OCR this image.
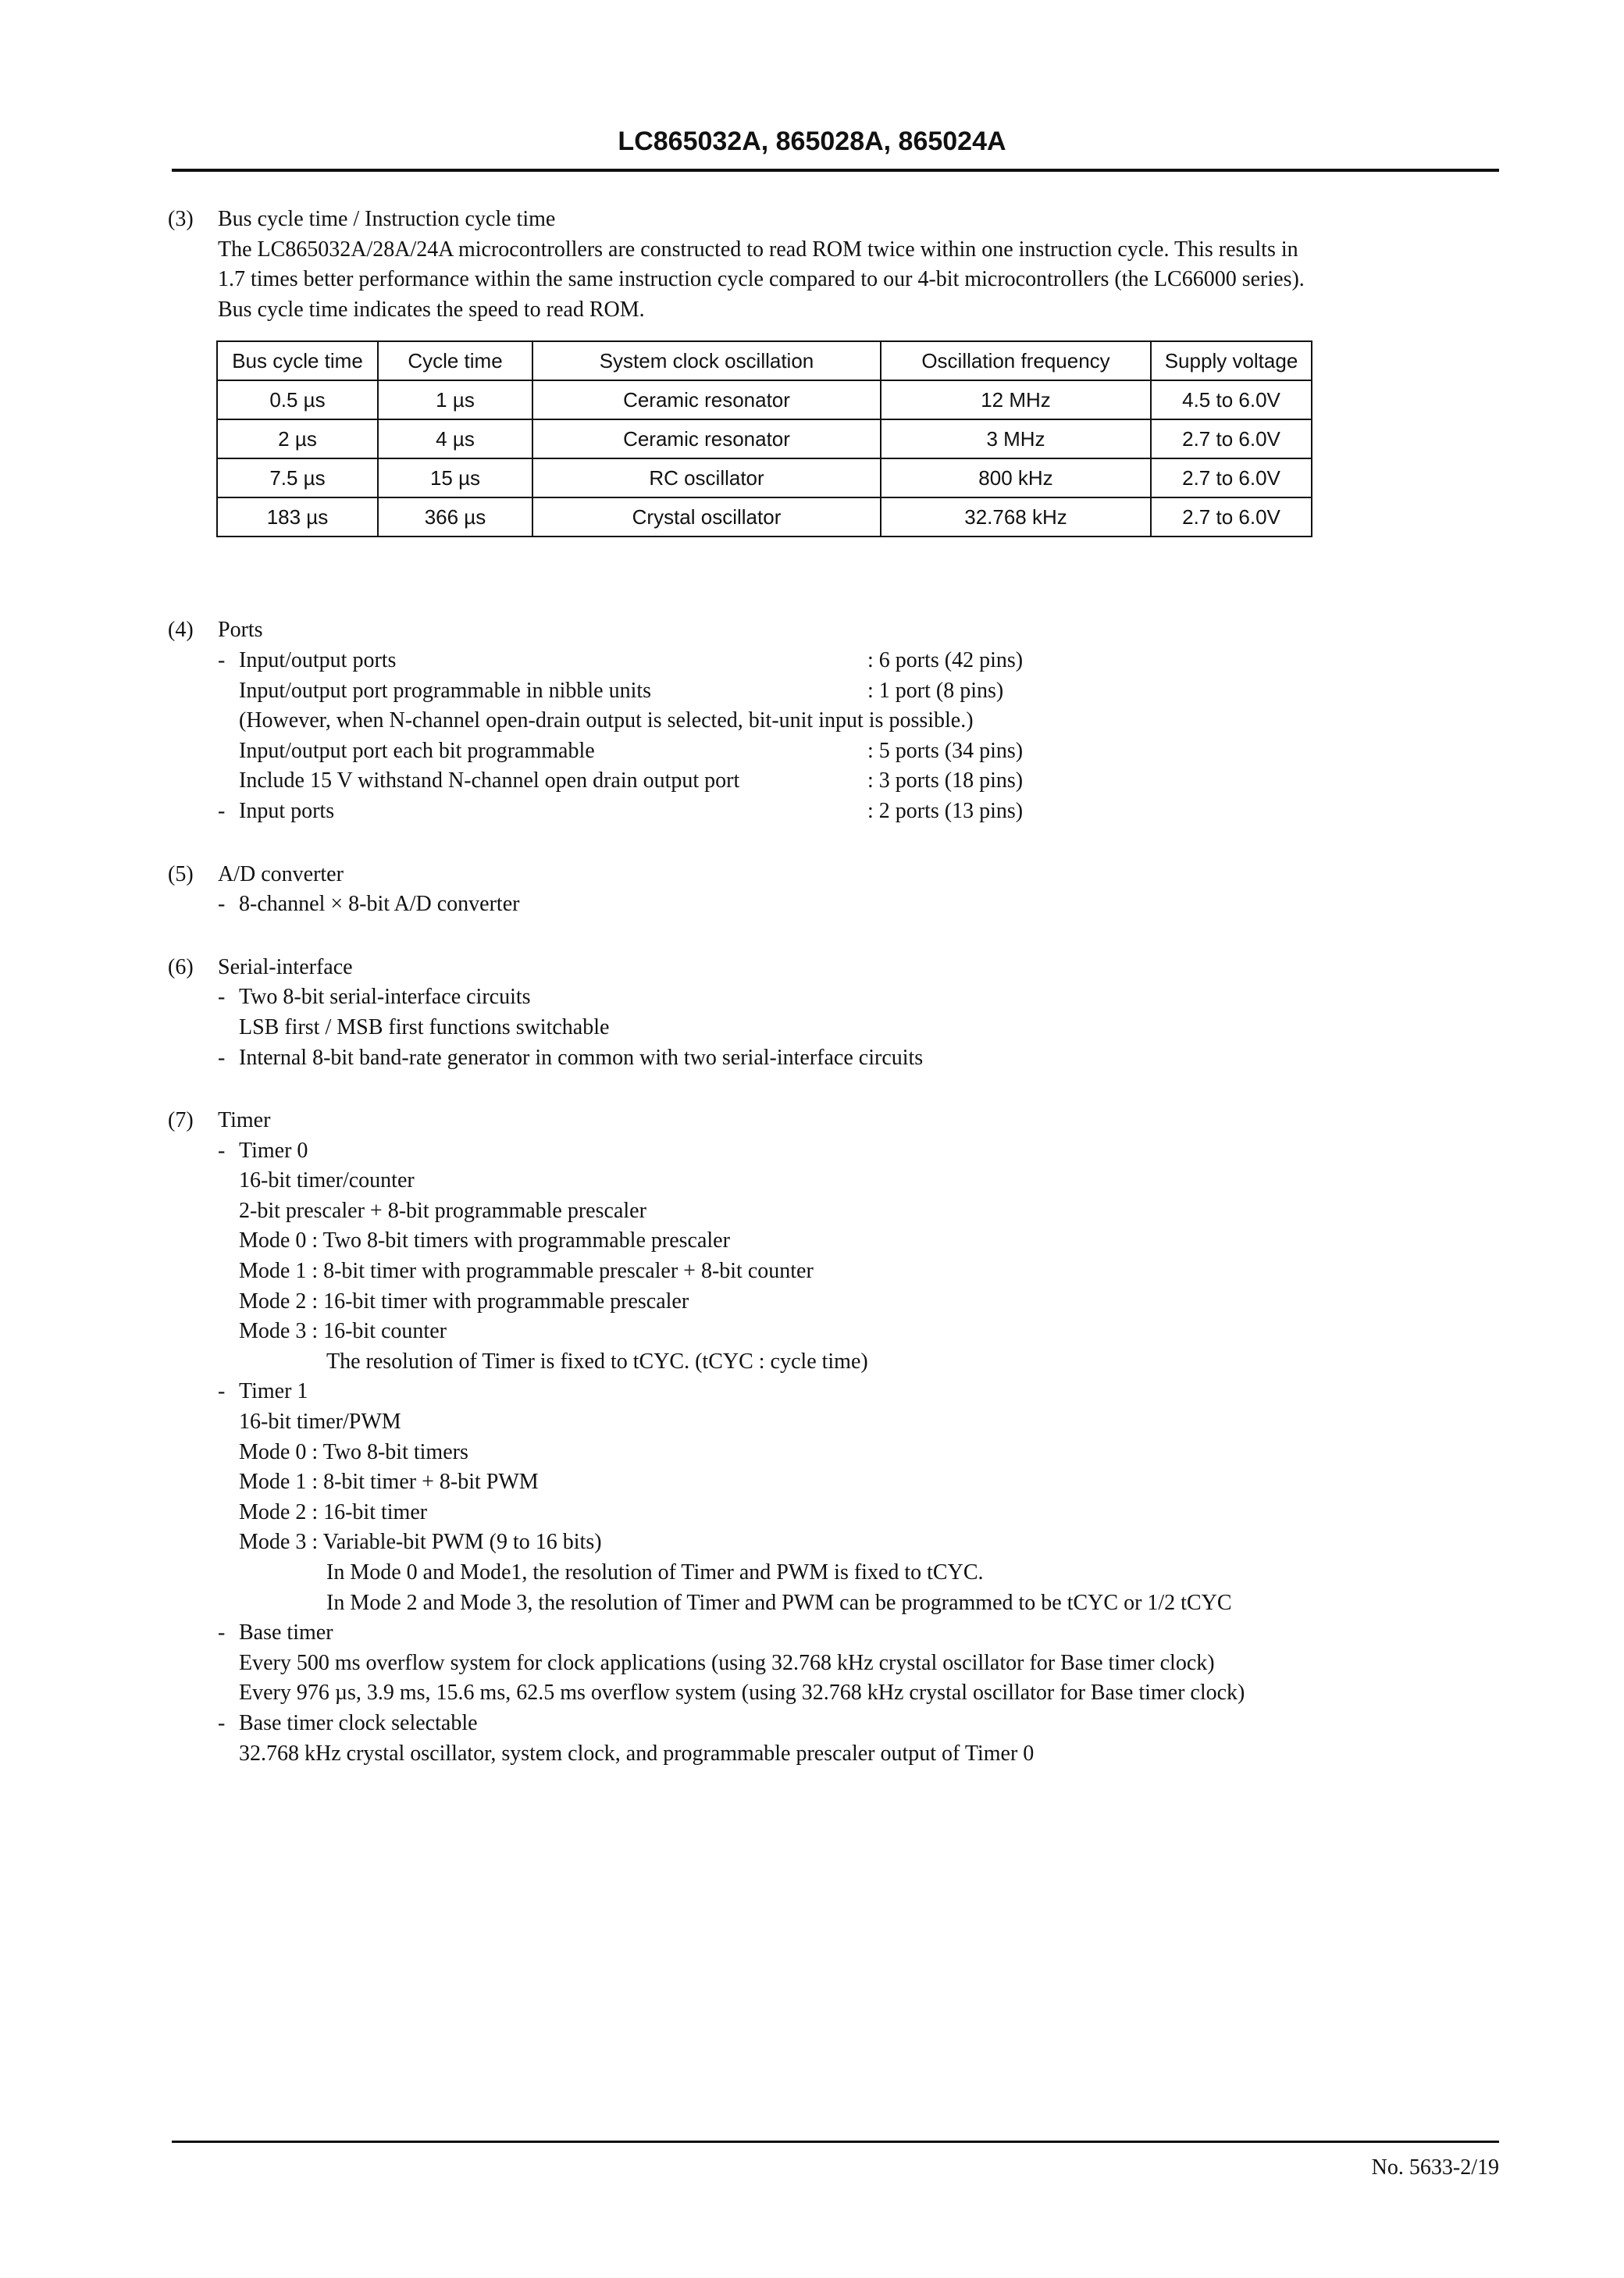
LC865032A, 865028A, 865024A
(3) Bus cycle time / Instruction cycle time
The LC865032A/28A/24A microcontrollers are constructed to read ROM twice within one instruction cycle. This results in
1.7 times better performance within the same instruction cycle compared to our 4-bit microcontrollers (the LC66000 series).
Bus cycle time indicates the speed to read ROM.
Bus cycle time	Cycle time	System clock oscillation	Oscillation frequency	Supply voltage
0.5 µs	1 µs	Ceramic resonator	12 MHz	4.5 to 6.0V
2 µs	4 µs	Ceramic resonator	3 MHz	2.7 to 6.0V
7.5 µs	15 µs	RC oscillator	800 kHz	2.7 to 6.0V
183 µs	366 µs	Crystal oscillator	32.768 kHz	2.7 to 6.0V
(4) Ports
- Input/output ports	: 6 ports (42 pins)
Input/output port programmable in nibble units	: 1 port (8 pins)
(However, when N-channel open-drain output is selected, bit-unit input is possible.)
Input/output port each bit programmable	: 5 ports (34 pins)
Include 15 V withstand N-channel open drain output port	: 3 ports (18 pins)
- Input ports	: 2 ports (13 pins)
(5) A/D converter
- 8-channel × 8-bit A/D converter
(6) Serial-interface
- Two 8-bit serial-interface circuits
LSB first / MSB first functions switchable
- Internal 8-bit band-rate generator in common with two serial-interface circuits
(7) Timer
- Timer 0
16-bit timer/counter
2-bit prescaler + 8-bit programmable prescaler
Mode 0 : Two 8-bit timers with programmable prescaler
Mode 1 : 8-bit timer with programmable prescaler + 8-bit counter
Mode 2 : 16-bit timer with programmable prescaler
Mode 3 : 16-bit counter
The resolution of Timer is fixed to tCYC. (tCYC : cycle time)
- Timer 1
16-bit timer/PWM
Mode 0 : Two 8-bit timers
Mode 1 : 8-bit timer + 8-bit PWM
Mode 2 : 16-bit timer
Mode 3 : Variable-bit PWM (9 to 16 bits)
In Mode 0 and Mode1, the resolution of Timer and PWM is fixed to tCYC.
In Mode 2 and Mode 3, the resolution of Timer and PWM can be programmed to be tCYC or 1/2 tCYC
- Base timer
Every 500 ms overflow system for clock applications (using 32.768 kHz crystal oscillator for Base timer clock)
Every 976 µs, 3.9 ms, 15.6 ms, 62.5 ms overflow system (using 32.768 kHz crystal oscillator for Base timer clock)
- Base timer clock selectable
32.768 kHz crystal oscillator, system clock, and programmable prescaler output of Timer 0
No. 5633-2/19
